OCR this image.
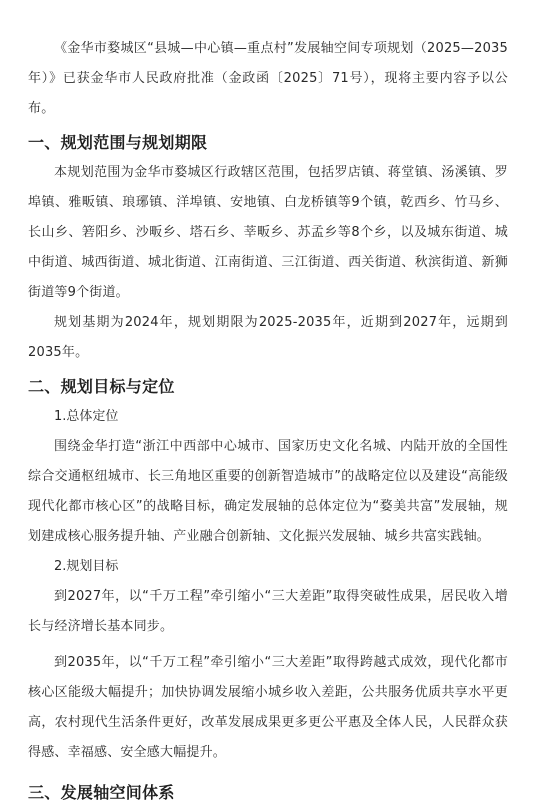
《金华市婺城区“县城—中心镇—重点村”发展轴空间专项规划（2025—2035年）》已获金华市人民政府批准（金政函〔2025〕71号），现将主要内容予以公布。

一、规划范围与规划期限

本规划范围为金华市婺城区行政辖区范围，包括罗店镇、蒋堂镇、汤溪镇、罗埠镇、雅畈镇、琅琊镇、洋埠镇、安地镇、白龙桥镇等9个镇，乾西乡、竹马乡、长山乡、箬阳乡、沙畈乡、塔石乡、莘畈乡、苏孟乡等8个乡，以及城东街道、城中街道、城西街道、城北街道、江南街道、三江街道、西关街道、秋滨街道、新狮街道等9个街道。

规划基期为2024年，规划期限为2025-2035年，近期到2027年，远期到2035年。

二、规划目标与定位
1.总体定位

围绕金华打造“浙江中西部中心城市、国家历史文化名城、内陆开放的全国性综合交通枢纽城市、长三角地区重要的创新智造城市”的战略定位以及建设“高能级现代化都市核心区”的战略目标，确定发展轴的总体定位为“婺美共富”发展轴，规划建成核心服务提升轴、产业融合创新轴、文化振兴发展轴、城乡共富实践轴。

2.规划目标

到2027年，以“千万工程”牵引缩小“三大差距”取得突破性成果，居民收入增长与经济增长基本同步。

到2035年，以“千万工程”牵引缩小“三大差距”取得跨越式成效，现代化都市核心区能级大幅提升；加快协调发展缩小城乡收入差距，公共服务优质共享水平更高，农村现代生活条件更好，改革发展成果更多更公平惠及全体人民，人民群众获得感、幸福感、安全感大幅提升。

三、发展轴空间体系
